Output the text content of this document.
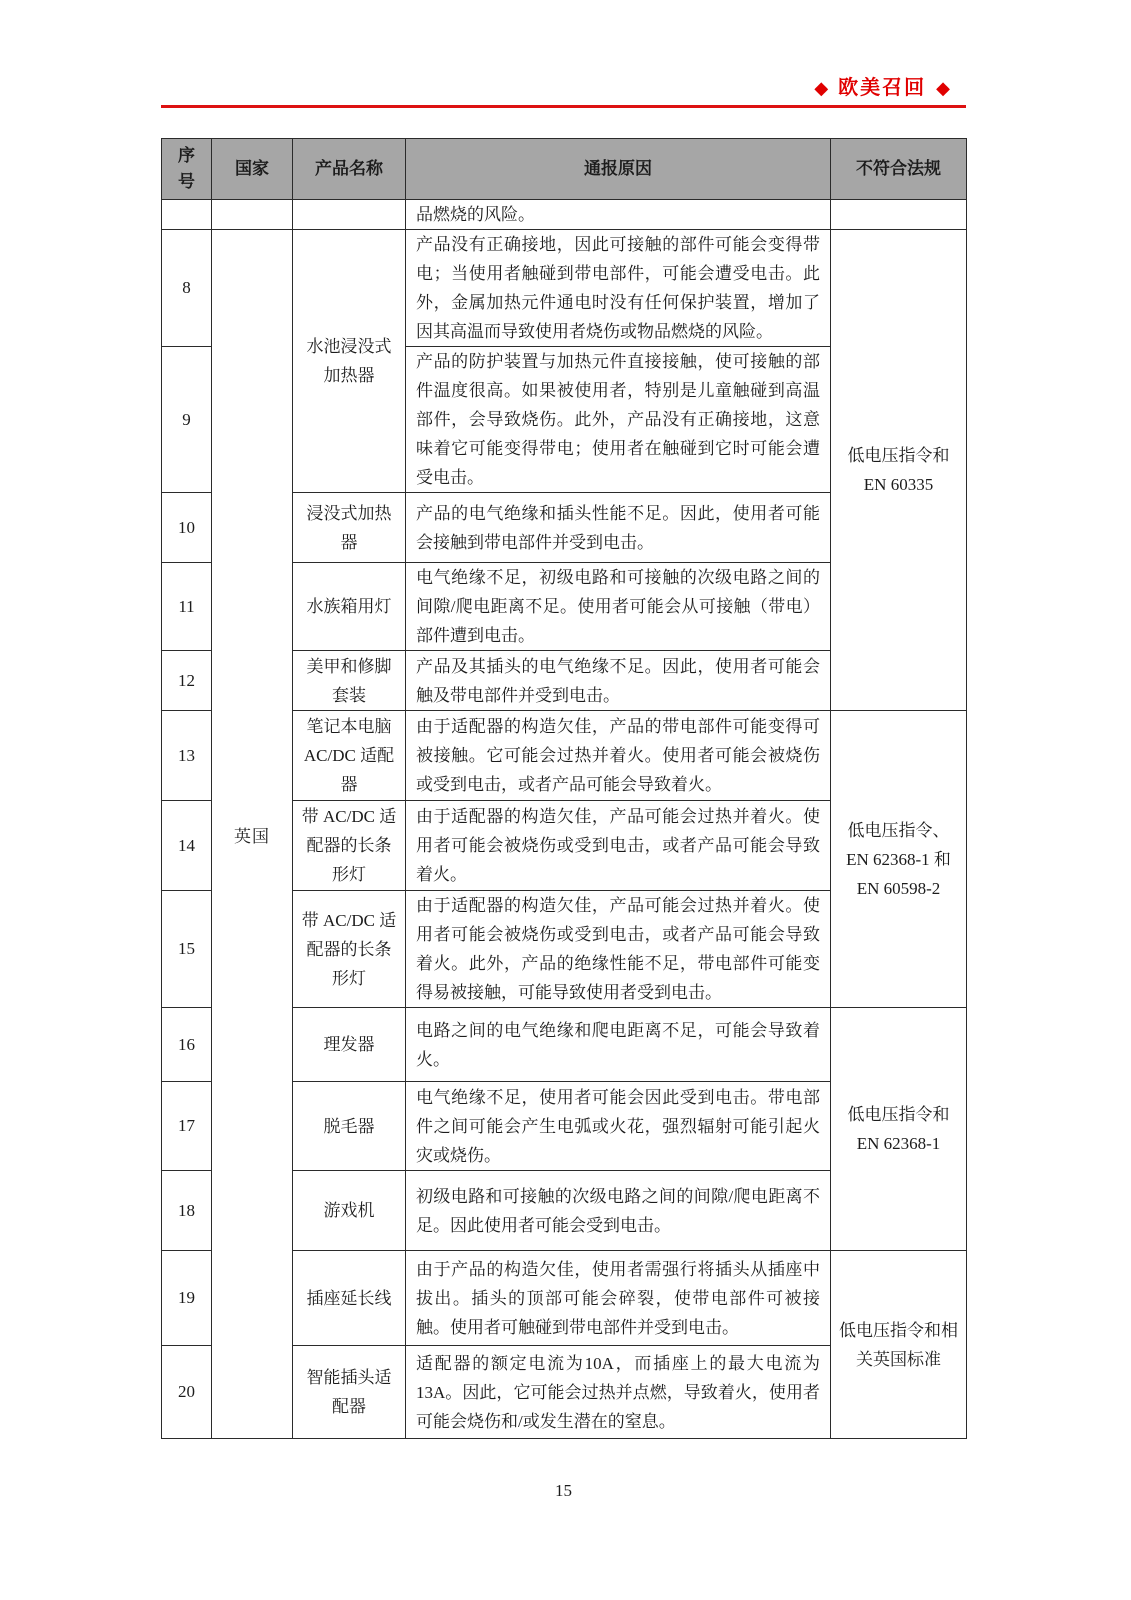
◆ 欧美召回 ◆
序号	国家	产品名称	通报原因	不符合法规
			品燃烧的风险。	
8	英国	水池浸没式加热器	产品没有正确接地，因此可接触的部件可能会变得带电；当使用者触碰到带电部件，可能会遭受电击。此外，金属加热元件通电时没有任何保护装置，增加了因其高温而导致使用者烧伤或物品燃烧的风险。	低电压指令和 EN 60335
9			产品的防护装置与加热元件直接接触，使可接触的部件温度很高。如果被使用者，特别是儿童触碰到高温部件，会导致烧伤。此外，产品没有正确接地，这意味着它可能变得带电；使用者在触碰到它时可能会遭受电击。	
10		浸没式加热器	产品的电气绝缘和插头性能不足。因此，使用者可能会接触到带电部件并受到电击。	
11		水族箱用灯	电气绝缘不足，初级电路和可接触的次级电路之间的间隙/爬电距离不足。使用者可能会从可接触（带电）部件遭到电击。	
12		美甲和修脚套装	产品及其插头的电气绝缘不足。因此，使用者可能会触及带电部件并受到电击。	
13		笔记本电脑 AC/DC 适配器	由于适配器的构造欠佳，产品的带电部件可能变得可被接触。它可能会过热并着火。使用者可能会被烧伤或受到电击，或者产品可能会导致着火。	低电压指令、EN 62368-1 和 EN 60598-2
14		带 AC/DC 适配器的长条形灯	由于适配器的构造欠佳，产品可能会过热并着火。使用者可能会被烧伤或受到电击，或者产品可能会导致着火。	
15		带 AC/DC 适配器的长条形灯	由于适配器的构造欠佳，产品可能会过热并着火。使用者可能会被烧伤或受到电击，或者产品可能会导致着火。此外，产品的绝缘性能不足，带电部件可能变得易被接触，可能导致使用者受到电击。	
16		理发器	电路之间的电气绝缘和爬电距离不足，可能会导致着火。	低电压指令和 EN 62368-1
17		脱毛器	电气绝缘不足，使用者可能会因此受到电击。带电部件之间可能会产生电弧或火花，强烈辐射可能引起火灾或烧伤。	
18		游戏机	初级电路和可接触的次级电路之间的间隙/爬电距离不足。因此使用者可能会受到电击。	
19		插座延长线	由于产品的构造欠佳，使用者需强行将插头从插座中拔出。插头的顶部可能会碎裂，使带电部件可被接触。使用者可触碰到带电部件并受到电击。	低电压指令和相关英国标准
20		智能插头适配器	适配器的额定电流为10A，而插座上的最大电流为13A。因此，它可能会过热并点燃，导致着火，使用者可能会烧伤和/或发生潜在的窒息。	
15
